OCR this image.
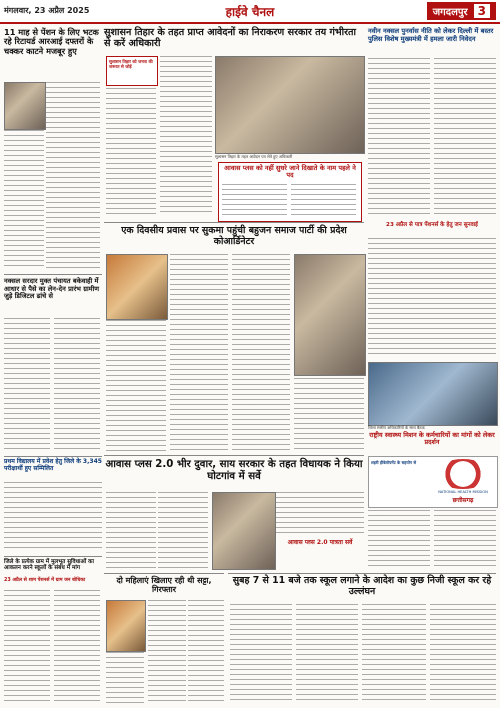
मंगलवार, 23 अप्रैल 2025	हाईवे चैनल	जगदलपुर 3
11 माह से पेंशन के लिए भटक रहे रिटायर्ड आरआई दफ्तरों के चक्कर काटने मजबूर हुए
सुशासन तिहार के तहत प्राप्त आवेदनों का निराकरण सरकार तय गंभीरता से करें अधिकारी
सुशासन तिहार को जनता की जरूरत से जोड़ें
सुशासन तिहार के तहत आवेदन पत्र लेते हुए अधिकारी
आवास प्लस को नहीं सुधरे जाने दिखाते के नाम पहले ने पद
नवीन नक्सल पुनर्वास नीति को लेकर दिल्ली में बस्तर पुलिस विशेष मुख्यमंत्री में हमला जारी निवेदन
नक्सल सरदार मुक्त पंचायत बकेवाही में आधार से पैसे का लेन-देन प्रारंभ ग्रामीण जुड़े डिजिटल ढांचे से
एक दिवसीय प्रवास पर सुकमा पहुंची बहुजन समाज पार्टी की प्रदेश कोआर्डिनेटर
23 अप्रैल से पात्र पेंशनर्स के हेतु जन सुनवाई
जिला स्तरीय अधिकारियों के साथ बैठक
प्रथम विद्यालय में प्रवेश हेतु जिले के 3,345 परीक्षार्थी हुए सम्मिलित	आवास प्लस 2.0 भीर दुवार, साय सरकार के तहत विधायक ने किया घोटगांव में सर्वे
आवास प्लस 2.0 पात्रता सर्वे
राष्ट्रीय स्वास्थ्य मिशन के कर्मचारियों का मांगों को लेकर प्रदर्शन
शहरी हीवेलोपमेंट के सहयोग से
NATIONAL HEALTH MISSION
छत्तीसगढ़
जिले के प्रत्येक ग्राम में मुलभूत सुविधाओं का आकलन करने स्कूलों के संबंध में मांग
23 अप्रैल से शाम पेंशनर्स में ग्राम जन बोधिका	दो महिलाएं खिलाए रही थी सट्टा, गिरफ्तार
सुबह 7 से 11 बजे तक स्कूल लगाने के आदेश का कुछ निजी स्कूल कर रहे उल्लंघन
